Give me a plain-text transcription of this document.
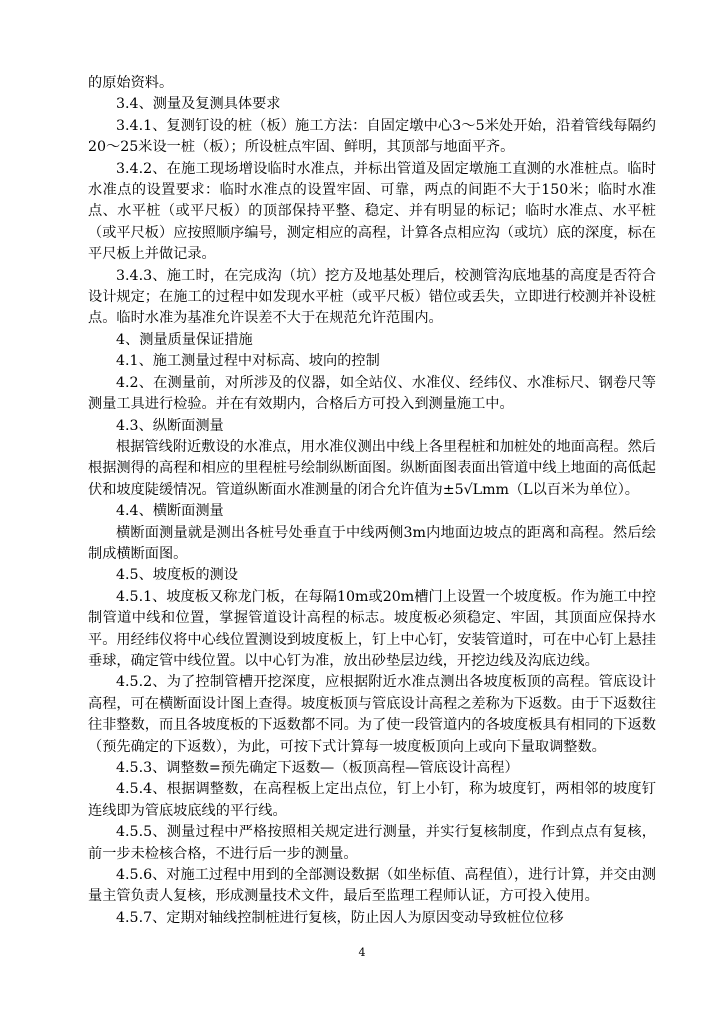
的原始资料。

3.4、测量及复测具体要求

3.4.1、复测钉设的桩（板）施工方法：自固定墩中心3～5米处开始，沿着管线每隔约20～25米设一桩（板）；所设桩点牢固、鲜明，其顶部与地面平齐。

3.4.2、在施工现场增设临时水准点，并标出管道及固定墩施工直测的水准桩点。临时水准点的设置要求：临时水准点的设置牢固、可靠，两点的间距不大于150米；临时水准点、水平桩（或平尺板）的顶部保持平整、稳定、并有明显的标记；临时水准点、水平桩（或平尺板）应按照顺序编号，测定相应的高程，计算各点相应沟（或坑）底的深度，标在平尺板上并做记录。

3.4.3、施工时，在完成沟（坑）挖方及地基处理后，校测管沟底地基的高度是否符合设计规定；在施工的过程中如发现水平桩（或平尺板）错位或丢失，立即进行校测并补设桩点。临时水准为基准允许误差不大于在规范允许范围内。

4、测量质量保证措施

4.1、施工测量过程中对标高、坡向的控制

4.2、在测量前，对所涉及的仪器，如全站仪、水准仪、经纬仪、水准标尺、钢卷尺等测量工具进行检验。并在有效期内，合格后方可投入到测量施工中。

4.3、纵断面测量

根据管线附近敷设的水准点，用水准仪测出中线上各里程桩和加桩处的地面高程。然后根据测得的高程和相应的里程桩号绘制纵断面图。纵断面图表面出管道中线上地面的高低起伏和坡度陡缓情况。管道纵断面水准测量的闭合允许值为±5√Lmm（L以百米为单位）。

4.4、横断面测量

横断面测量就是测出各桩号处垂直于中线两侧3m内地面边坡点的距离和高程。然后绘制成横断面图。

4.5、坡度板的测设

4.5.1、坡度板又称龙门板，在每隔10m或20m槽门上设置一个坡度板。作为施工中控制管道中线和位置，掌握管道设计高程的标志。坡度板必须稳定、牢固，其顶面应保持水平。用经纬仪将中心线位置测设到坡度板上，钉上中心钉，安装管道时，可在中心钉上悬挂垂球，确定管中线位置。以中心钉为准，放出砂垫层边线，开挖边线及沟底边线。

4.5.2、为了控制管槽开挖深度，应根据附近水准点测出各坡度板顶的高程。管底设计高程，可在横断面设计图上查得。坡度板顶与管底设计高程之差称为下返数。由于下返数往往非整数，而且各坡度板的下返数都不同。为了使一段管道内的各坡度板具有相同的下返数（预先确定的下返数），为此，可按下式计算每一坡度板顶向上或向下量取调整数。

4.5.3、调整数=预先确定下返数—（板顶高程—管底设计高程）

4.5.4、根据调整数，在高程板上定出点位，钉上小钉，称为坡度钉，两相邻的坡度钉连线即为管底坡底线的平行线。

4.5.5、测量过程中严格按照相关规定进行测量，并实行复核制度，作到点点有复核，前一步未检核合格，不进行后一步的测量。

4.5.6、对施工过程中用到的全部测设数据（如坐标值、高程值），进行计算，并交由测量主管负责人复核，形成测量技术文件，最后至监理工程师认证，方可投入使用。

4.5.7、定期对轴线控制桩进行复核，防止因人为原因变动导致桩位位移

4
